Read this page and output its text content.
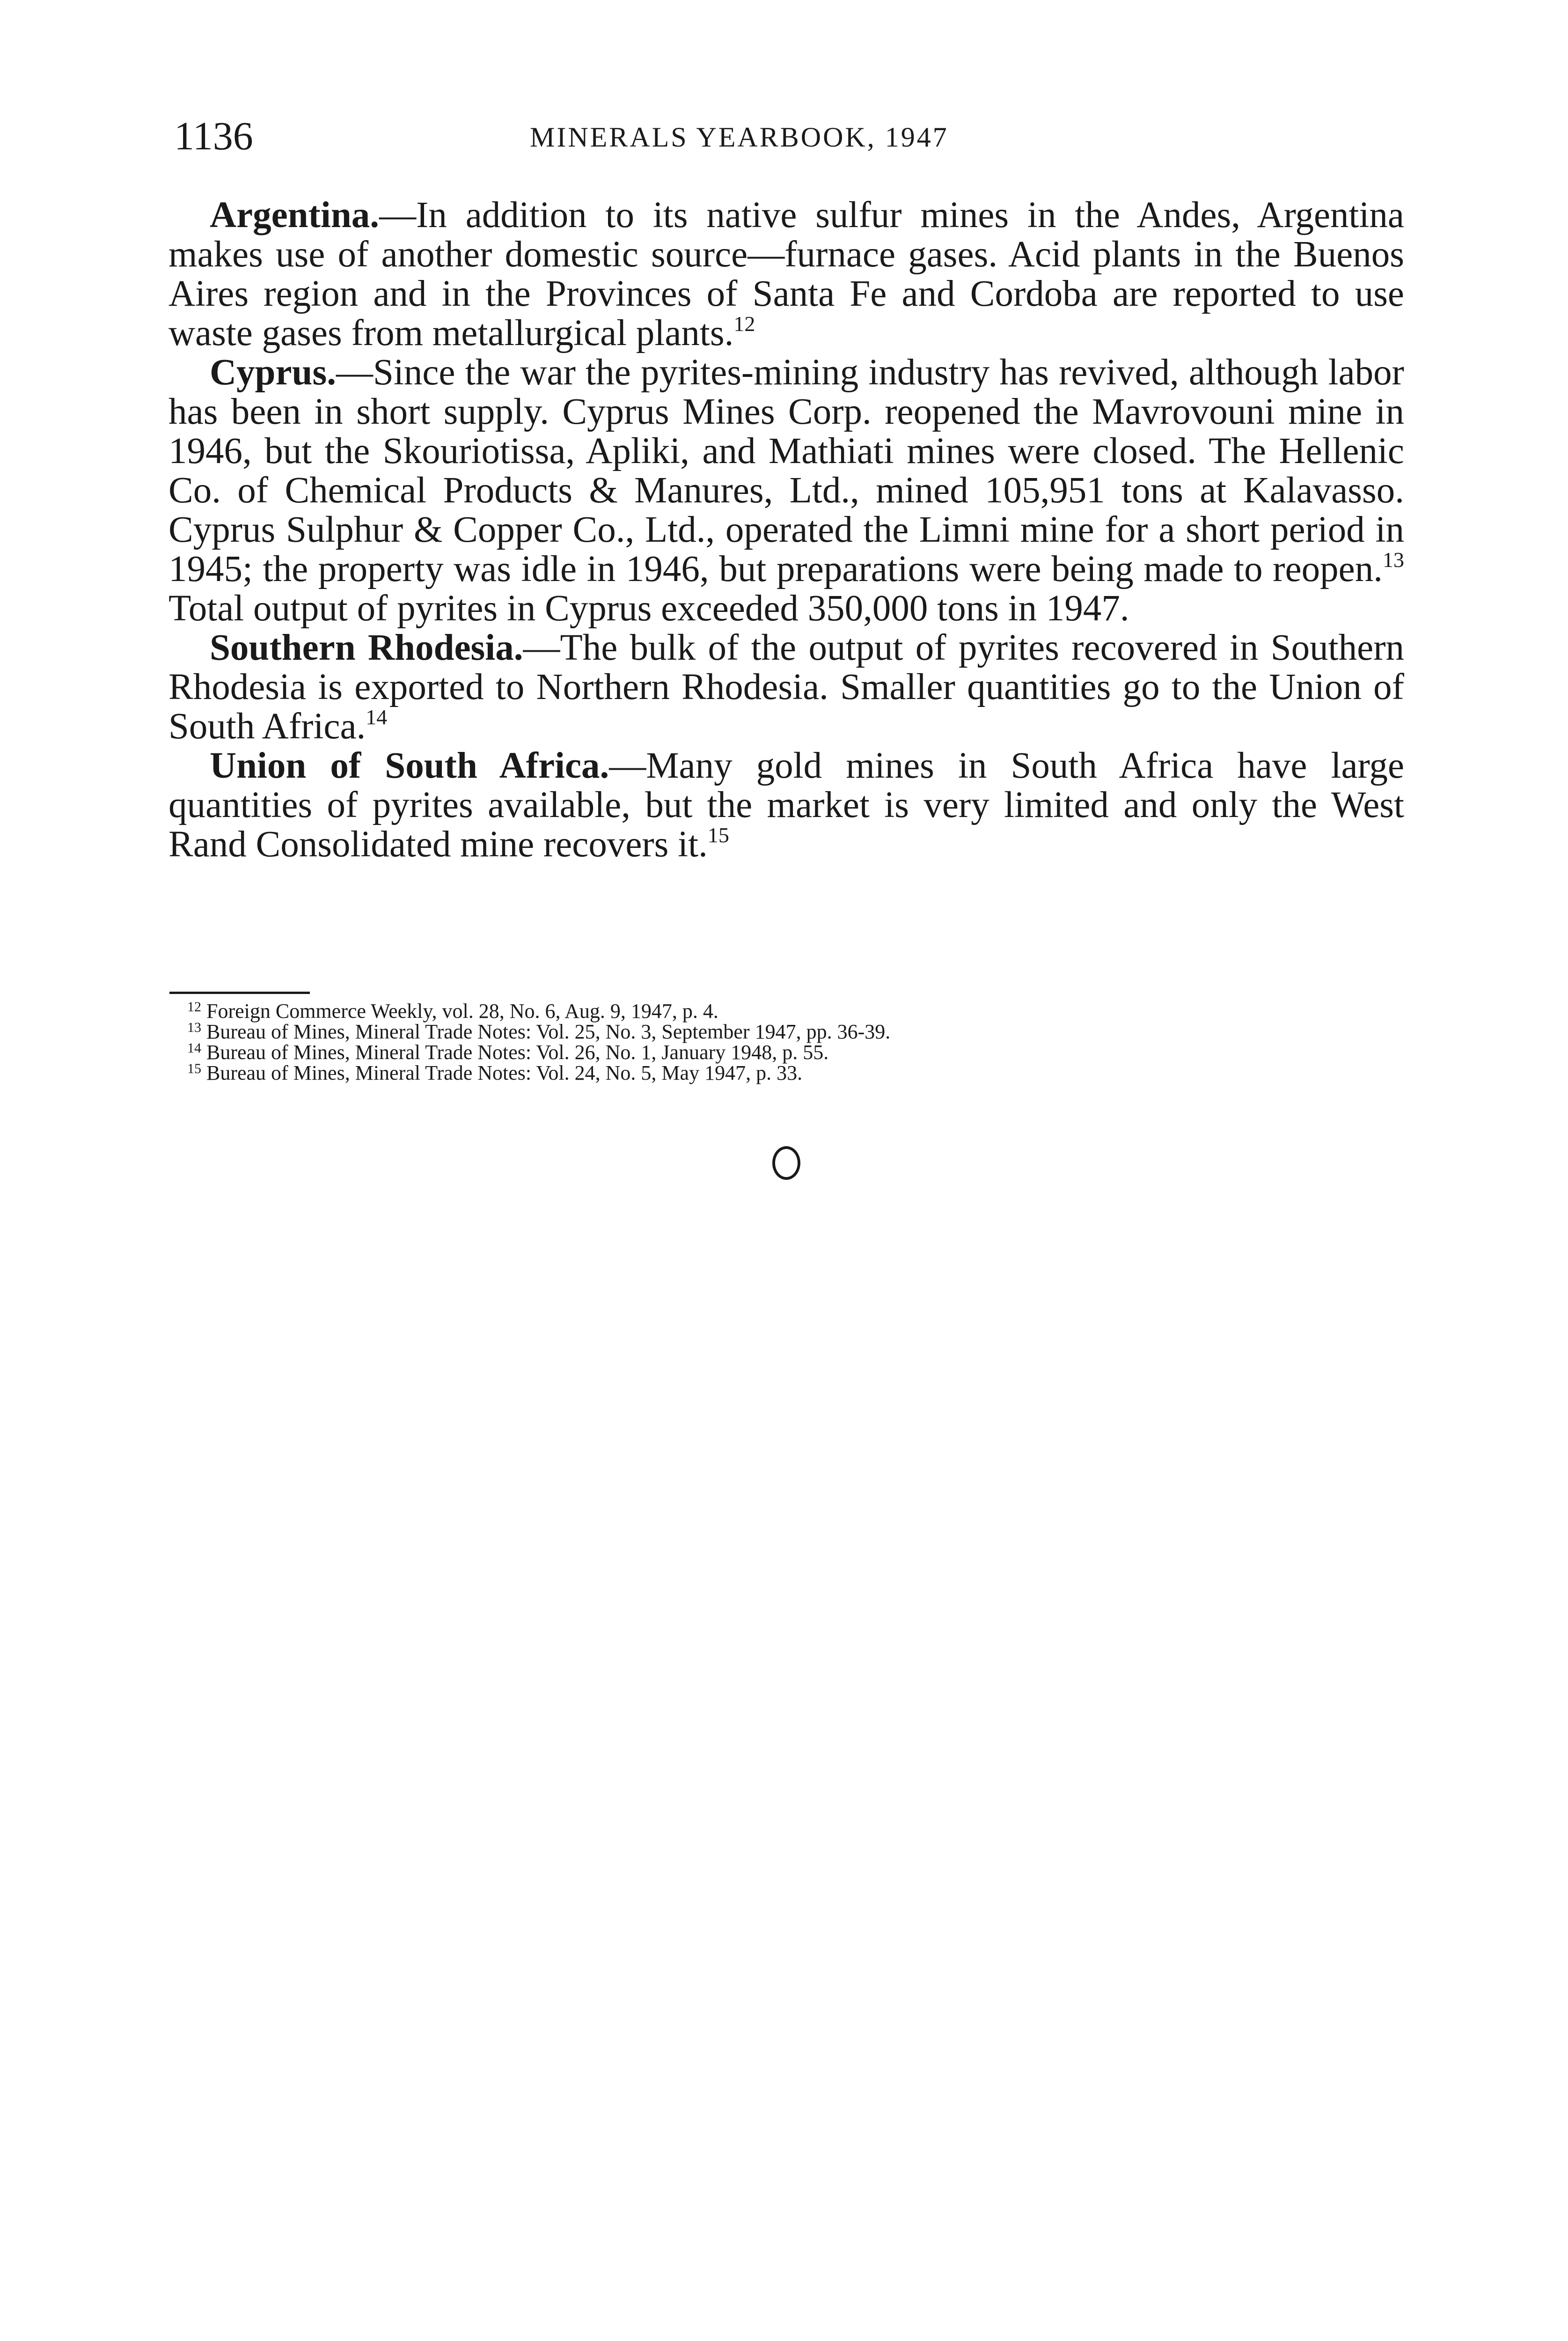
1136	MINERALS YEARBOOK, 1947

Argentina.—In addition to its native sulfur mines in the Andes, Argentina makes use of another domestic source—furnace gases. Acid plants in the Buenos Aires region and in the Provinces of Santa Fe and Cordoba are reported to use waste gases from metallurgical plants.$^{12}$

Cyprus.—Since the war the pyrites-mining industry has revived, although labor has been in short supply. Cyprus Mines Corp. reopened the Mavrovouni mine in 1946, but the Skouriotissa, Apliki, and Mathiati mines were closed. The Hellenic Co. of Chemical Products & Manures, Ltd., mined 105,951 tons at Kalavasso. Cyprus Sulphur & Copper Co., Ltd., operated the Limni mine for a short period in 1945; the property was idle in 1946, but preparations were being made to reopen.$^{13}$ Total output of pyrites in Cyprus exceeded 350,000 tons in 1947.

Southern Rhodesia.—The bulk of the output of pyrites recovered in Southern Rhodesia is exported to Northern Rhodesia. Smaller quantities go to the Union of South Africa.$^{14}$

Union of South Africa.—Many gold mines in South Africa have large quantities of pyrites available, but the market is very limited and only the West Rand Consolidated mine recovers it.$^{15}$

$^{12}$ Foreign Commerce Weekly, vol. 28, No. 6, Aug. 9, 1947, p. 4.

$^{13}$ Bureau of Mines, Mineral Trade Notes: Vol. 25, No. 3, September 1947, pp. 36-39.

$^{14}$ Bureau of Mines, Mineral Trade Notes: Vol. 26, No. 1, January 1948, p. 55.

$^{15}$ Bureau of Mines, Mineral Trade Notes: Vol. 24, No. 5, May 1947, p. 33.
